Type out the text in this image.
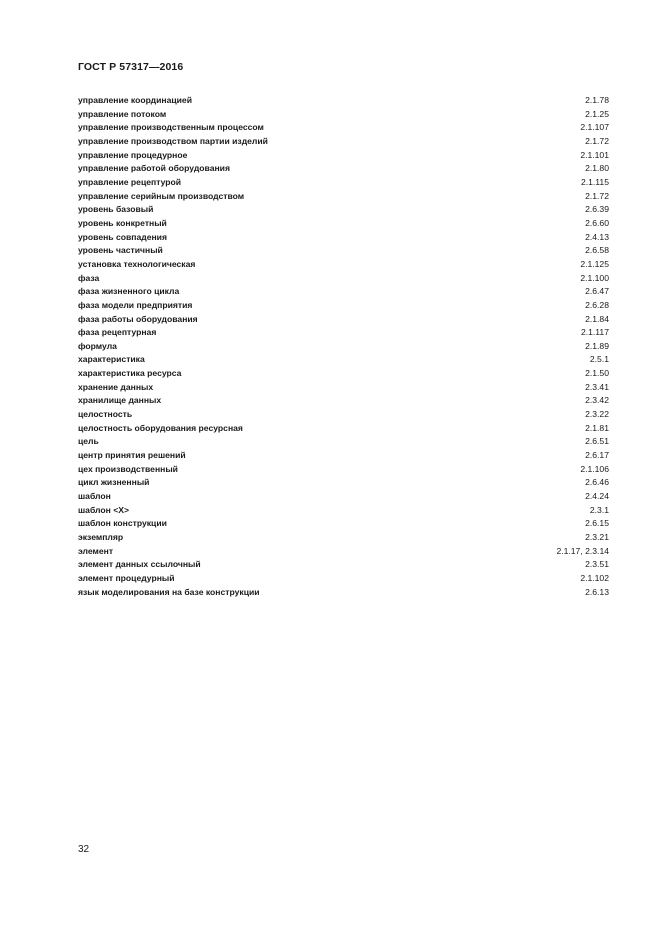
ГОСТ Р 57317—2016
управление координацией	2.1.78
управление потоком	2.1.25
управление производственным процессом	2.1.107
управление производством партии изделий	2.1.72
управление процедурное	2.1.101
управление работой оборудования	2.1.80
управление рецептурой	2.1.115
управление серийным производством	2.1.72
уровень базовый	2.6.39
уровень конкретный	2.6.60
уровень совпадения	2.4.13
уровень частичный	2.6.58
установка технологическая	2.1.125
фаза	2.1.100
фаза жизненного цикла	2.6.47
фаза модели предприятия	2.6.28
фаза работы оборудования	2.1.84
фаза рецептурная	2.1.117
формула	2.1.89
характеристика	2.5.1
характеристика ресурса	2.1.50
хранение данных	2.3.41
хранилище данных	2.3.42
целостность	2.3.22
целостность оборудования ресурсная	2.1.81
цель	2.6.51
центр принятия решений	2.6.17
цех производственный	2.1.106
цикл жизненный	2.6.46
шаблон	2.4.24
шаблон <X>	2.3.1
шаблон конструкции	2.6.15
экземпляр	2.3.21
элемент	2.1.17, 2.3.14
элемент данных ссылочный	2.3.51
элемент процедурный	2.1.102
язык моделирования на базе конструкции	2.6.13
32
